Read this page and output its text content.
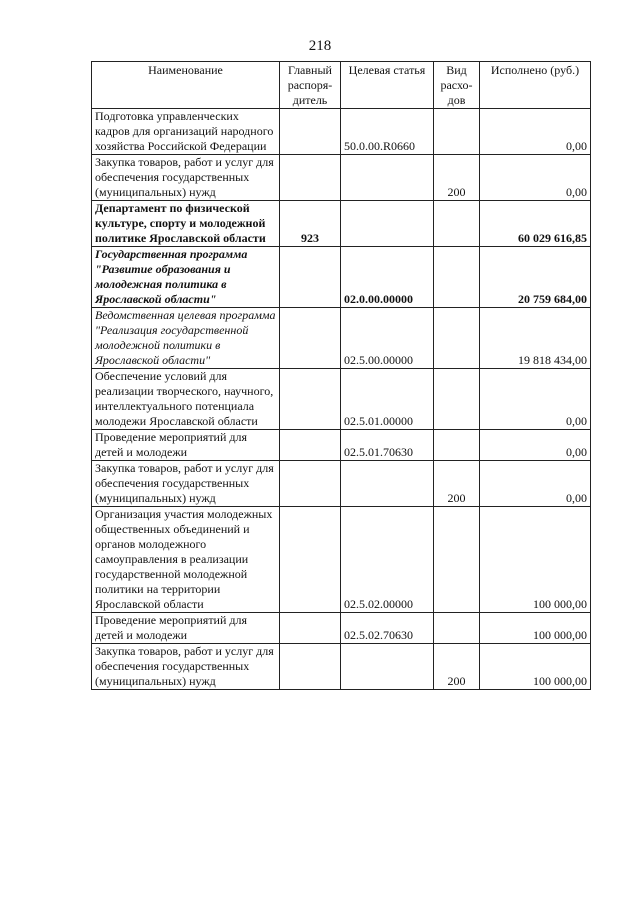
218
Наименование	Главный распоря-дитель	Целевая статья	Вид расхо-дов	Исполнено (руб.)
Подготовка управленческих кадров для организаций народного хозяйства Российской Федерации		50.0.00.R0660		0,00
Закупка товаров, работ и услуг для обеспечения государственных (муниципальных) нужд			200	0,00
Департамент по физической культуре, спорту и молодежной политике Ярославской области	923			60 029 616,85
Государственная программа "Развитие образования и молодежная политика в Ярославской области"		02.0.00.00000		20 759 684,00
Ведомственная целевая программа "Реализация государственной молодежной политики в Ярославской области"		02.5.00.00000		19 818 434,00
Обеспечение условий для реализации творческого, научного, интеллектуального потенциала молодежи Ярославской области		02.5.01.00000		0,00
Проведение мероприятий для детей и молодежи		02.5.01.70630		0,00
Закупка товаров, работ и услуг для обеспечения государственных (муниципальных) нужд			200	0,00
Организация участия молодежных общественных объединений и органов молодежного самоуправления в реализации государственной молодежной политики на территории Ярославской области		02.5.02.00000		100 000,00
Проведение мероприятий для детей и молодежи		02.5.02.70630		100 000,00
Закупка товаров, работ и услуг для обеспечения государственных (муниципальных) нужд			200	100 000,00
